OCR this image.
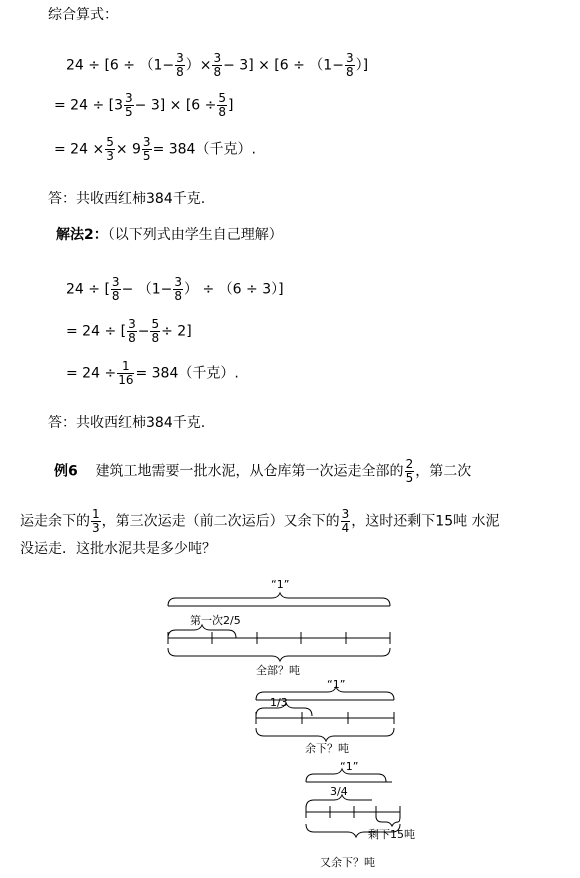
综合算式：
$24 \div [6 \div (1- \frac{3}{8}$ ）× $\frac{3}{8} - 3] \times [6 \div (1- \frac{3}{8}$ ）]
= $24 \div [3 \frac{3}{5} - 3] \times [6 \div \frac{5}{8}$ ]
= $24 \times \frac{5}{3} \times 9 \frac{3}{5} = 384$（千克）.
答：共收西红柿384千克.
解法2：（以下列式由学生自己理解）
24 ÷ [ $\frac{3}{8} - (1- \frac{3}{8}$ ） ÷ （6 ÷ 3）]
= 24 ÷ [ $\frac{3}{8} - \frac{5}{8} \div 2$]
= $24 \div \frac{1}{16} = 384$（千克）.
答：共收西红柿384千克.
例6 建筑工地需要一批水泥，从仓库第一次运走全部的 $\frac{2}{5}$ ，第二次
运走余下的 $\frac{1}{3}$ ，第三次运走（前二次运后）又余下的 $\frac{3}{4}$ ，这时还剩下15吨 水泥
没运走．这批水泥共是多少吨？
“1”
第一次2/5
全部？吨
“1”
1/3
余下？吨
“1”
3/4
剩下15吨
又余下？吨
